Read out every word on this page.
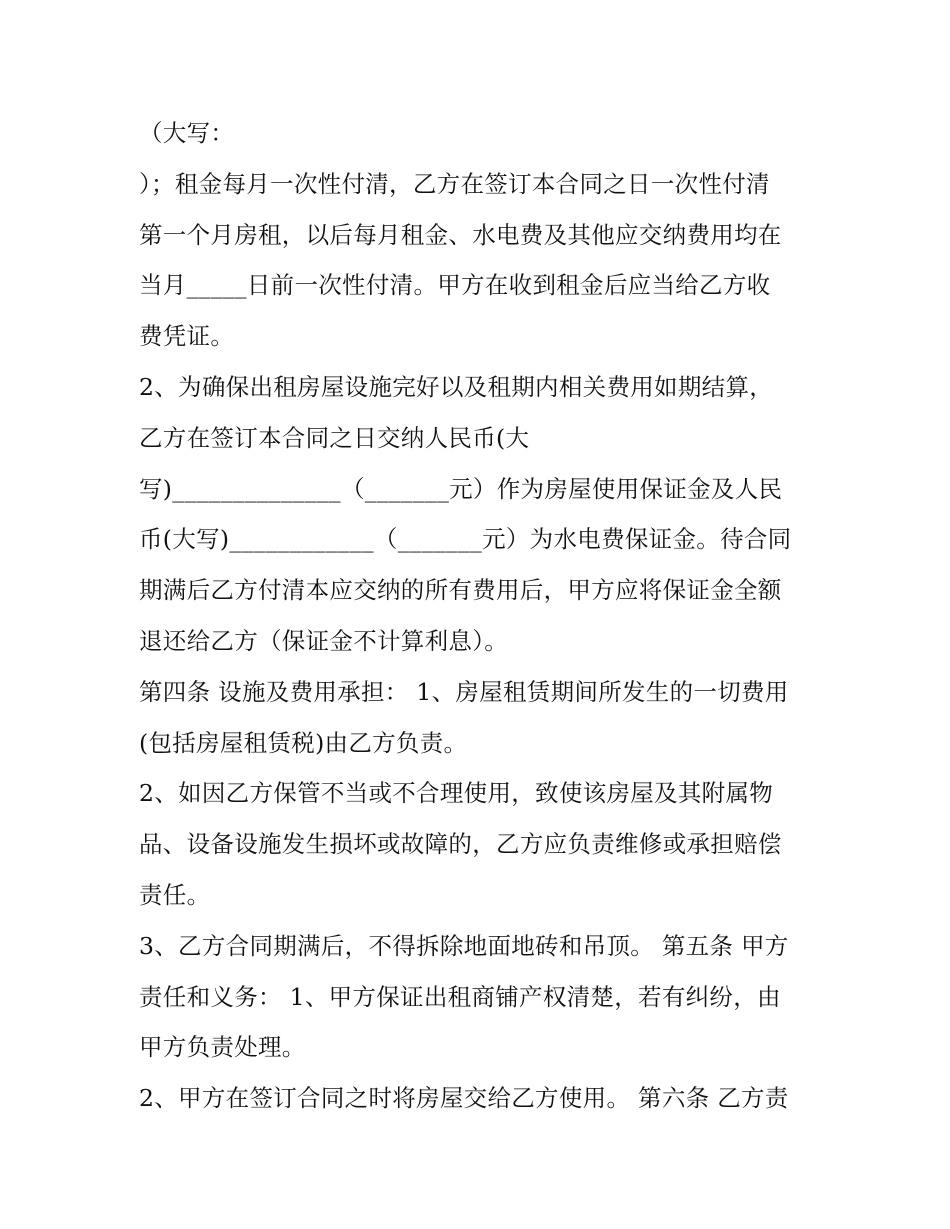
（大写：
）；租金每月一次性付清，乙方在签订本合同之日一次性付清
第一个月房租，以后每月租金、水电费及其他应交纳费用均在
当月_____日前一次性付清。甲方在收到租金后应当给乙方收
费凭证。
2、为确保出租房屋设施完好以及租期内相关费用如期结算，
乙方在签订本合同之日交纳人民币(大
写)______________（_______元）作为房屋使用保证金及人民
币(大写)____________（_______元）为水电费保证金。待合同
期满后乙方付清本应交纳的所有费用后，甲方应将保证金全额
退还给乙方（保证金不计算利息）。
第四条 设施及费用承担： 1、房屋租赁期间所发生的一切费用
(包括房屋租赁税)由乙方负责。
2、如因乙方保管不当或不合理使用，致使该房屋及其附属物
品、设备设施发生损坏或故障的，乙方应负责维修或承担赔偿
责任。
3、乙方合同期满后，不得拆除地面地砖和吊顶。 第五条 甲方
责任和义务： 1、甲方保证出租商铺产权清楚，若有纠纷，由
甲方负责处理。
2、甲方在签订合同之时将房屋交给乙方使用。 第六条 乙方责
